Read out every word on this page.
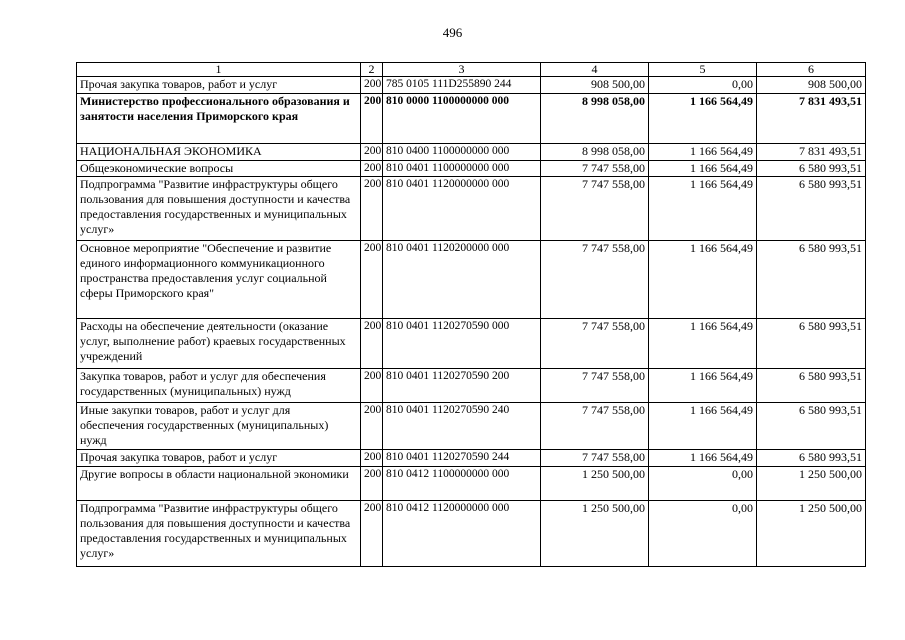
496
1	2	3	4	5	6
Прочая закупка товаров, работ и услуг	200	785 0105 111D255890 244	908 500,00	0,00	908 500,00
Министерство профессионального образования и занятости населения Приморского края	200	810 0000 1100000000 000	8 998 058,00	1 166 564,49	7 831 493,51
НАЦИОНАЛЬНАЯ ЭКОНОМИКА	200	810 0400 1100000000 000	8 998 058,00	1 166 564,49	7 831 493,51
Общеэкономические вопросы	200	810 0401 1100000000 000	7 747 558,00	1 166 564,49	6 580 993,51
Подпрограмма "Развитие инфраструктуры общего пользования для повышения доступности и качества предоставления государственных и муниципальных услуг»	200	810 0401 1120000000 000	7 747 558,00	1 166 564,49	6 580 993,51
Основное мероприятие "Обеспечение и развитие единого информационного коммуникационного пространства предоставления услуг социальной сферы Приморского края"	200	810 0401 1120200000 000	7 747 558,00	1 166 564,49	6 580 993,51
Расходы на обеспечение деятельности (оказание услуг, выполнение работ) краевых государственных учреждений	200	810 0401 1120270590 000	7 747 558,00	1 166 564,49	6 580 993,51
Закупка товаров, работ и услуг для обеспечения государственных (муниципальных) нужд	200	810 0401 1120270590 200	7 747 558,00	1 166 564,49	6 580 993,51
Иные закупки товаров, работ и услуг для обеспечения государственных (муниципальных) нужд	200	810 0401 1120270590 240	7 747 558,00	1 166 564,49	6 580 993,51
Прочая закупка товаров, работ и услуг	200	810 0401 1120270590 244	7 747 558,00	1 166 564,49	6 580 993,51
Другие вопросы в области национальной экономики	200	810 0412 1100000000 000	1 250 500,00	0,00	1 250 500,00
Подпрограмма "Развитие инфраструктуры общего пользования для повышения доступности и качества предоставления государственных и муниципальных услуг»	200	810 0412 1120000000 000	1 250 500,00	0,00	1 250 500,00
